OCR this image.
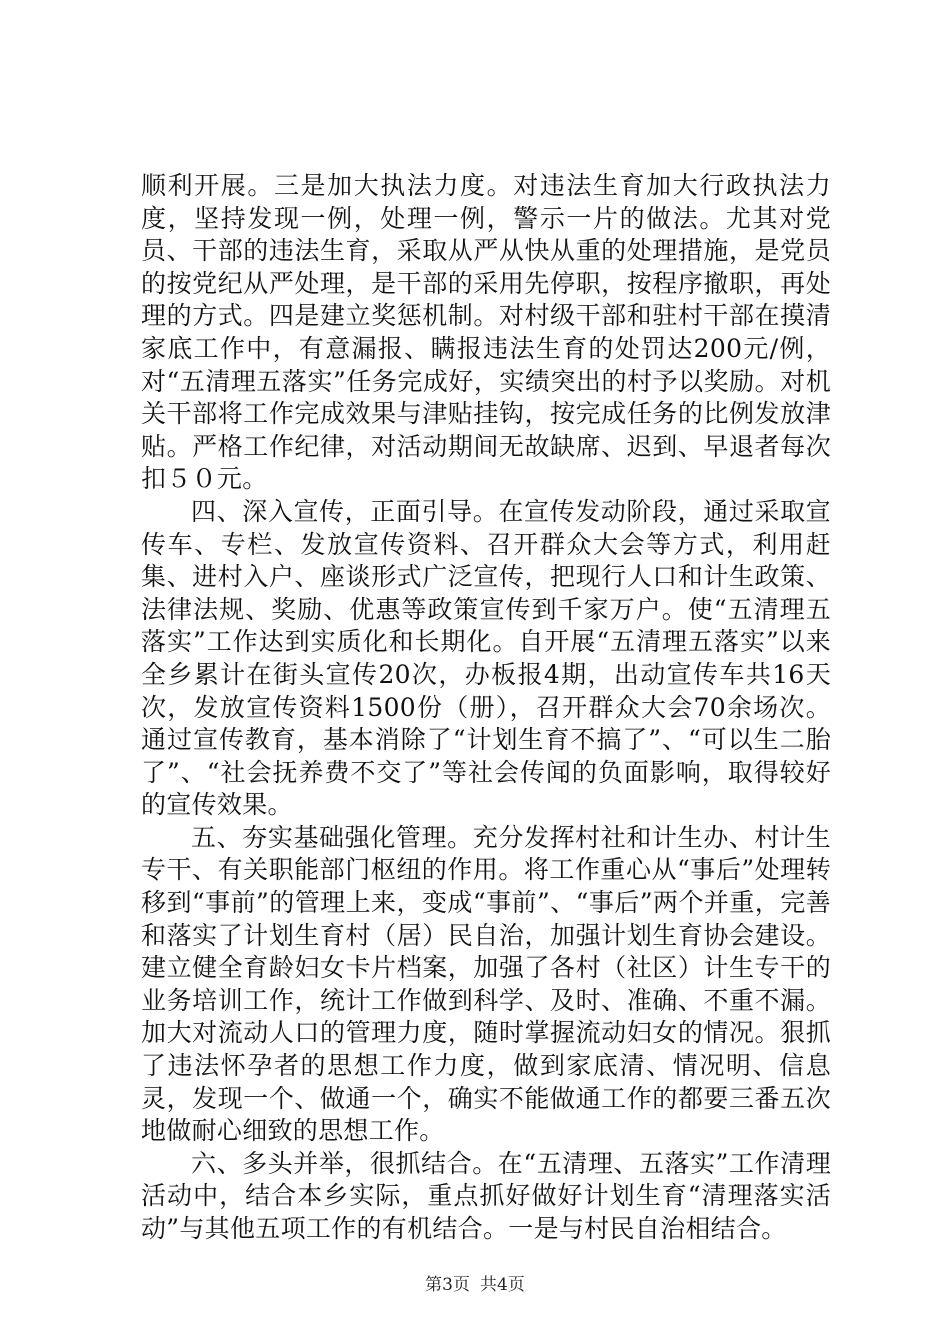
顺利开展。三是加大执法力度。对违法生育加大行政执法力度，坚持发现一例，处理一例，警示一片的做法。尤其对党员、干部的违法生育，采取从严从快从重的处理措施，是党员的按党纪从严处理，是干部的采用先停职，按程序撤职，再处理的方式。四是建立奖惩机制。对村级干部和驻村干部在摸清家底工作中，有意漏报、瞒报违法生育的处罚达200元/例，对“五清理五落实”任务完成好，实绩突出的村予以奖励。对机关干部将工作完成效果与津贴挂钩，按完成任务的比例发放津贴。严格工作纪律，对活动期间无故缺席、迟到、早退者每次扣５０元。

四、深入宣传，正面引导。在宣传发动阶段，通过采取宣传车、专栏、发放宣传资料、召开群众大会等方式，利用赶集、进村入户、座谈形式广泛宣传，把现行人口和计生政策、法律法规、奖励、优惠等政策宣传到千家万户。使“五清理五落实”工作达到实质化和长期化。自开展“五清理五落实”以来全乡累计在街头宣传20次，办板报4期，出动宣传车共16天次，发放宣传资料1500份（册），召开群众大会70余场次。通过宣传教育，基本消除了“计划生育不搞了”、“可以生二胎了”、“社会抚养费不交了”等社会传闻的负面影响，取得较好的宣传效果。

五、夯实基础强化管理。充分发挥村社和计生办、村计生专干、有关职能部门枢纽的作用。将工作重心从“事后”处理转移到“事前”的管理上来，变成“事前”、“事后”两个并重，完善和落实了计划生育村（居）民自治，加强计划生育协会建设。建立健全育龄妇女卡片档案，加强了各村（社区）计生专干的业务培训工作，统计工作做到科学、及时、准确、不重不漏。加大对流动人口的管理力度，随时掌握流动妇女的情况。狠抓了违法怀孕者的思想工作力度，做到家底清、情况明、信息灵，发现一个、做通一个，确实不能做通工作的都要三番五次地做耐心细致的思想工作。

六、多头并举，很抓结合。在“五清理、五落实”工作清理活动中，结合本乡实际，重点抓好做好计划生育“清理落实活动”与其他五项工作的有机结合。一是与村民自治相结合。

第3页 共4页
